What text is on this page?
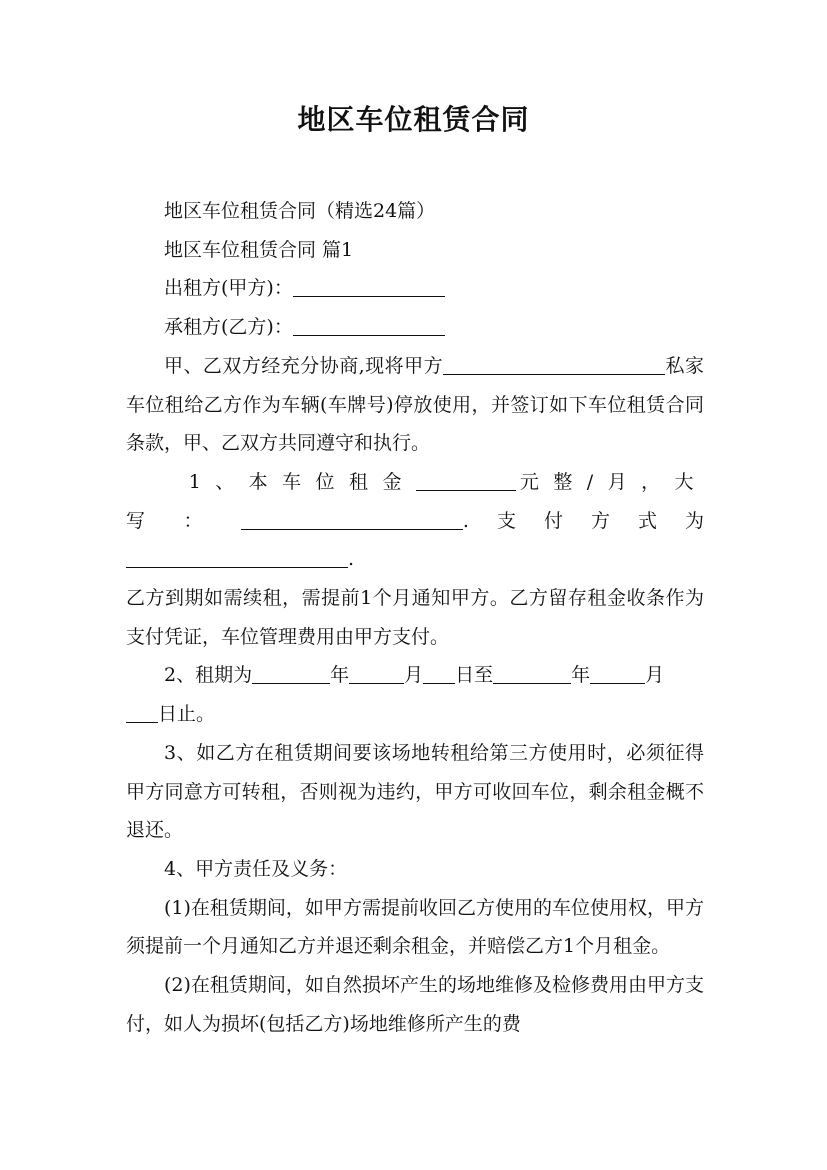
地区车位租赁合同

地区车位租赁合同（精选24篇）

地区车位租赁合同 篇1

出租方(甲方)：

承租方(乙方)：

甲、乙双方经充分协商,现将甲方	私家车位租给乙方作为车辆(车牌号)停放使用，并签订如下车位租赁合同条款，甲、乙双方共同遵守和执行。

1、本车位租金	元整/月，大写：	.支付方式为.
乙方到期如需续租，需提前1个月通知甲方。乙方留存租金收条作为支付凭证，车位管理费用由甲方支付。

2、租期为	年	月 日至	年	月
日止。

3、如乙方在租赁期间要该场地转租给第三方使用时，必须征得甲方同意方可转租，否则视为违约，甲方可收回车位，剩余租金概不退还。

4、甲方责任及义务：

(1)在租赁期间，如甲方需提前收回乙方使用的车位使用权，甲方须提前一个月通知乙方并退还剩余租金，并赔偿乙方1个月租金。

(2)在租赁期间，如自然损坏产生的场地维修及检修费用由甲方支付，如人为损坏(包括乙方)场地维修所产生的费
